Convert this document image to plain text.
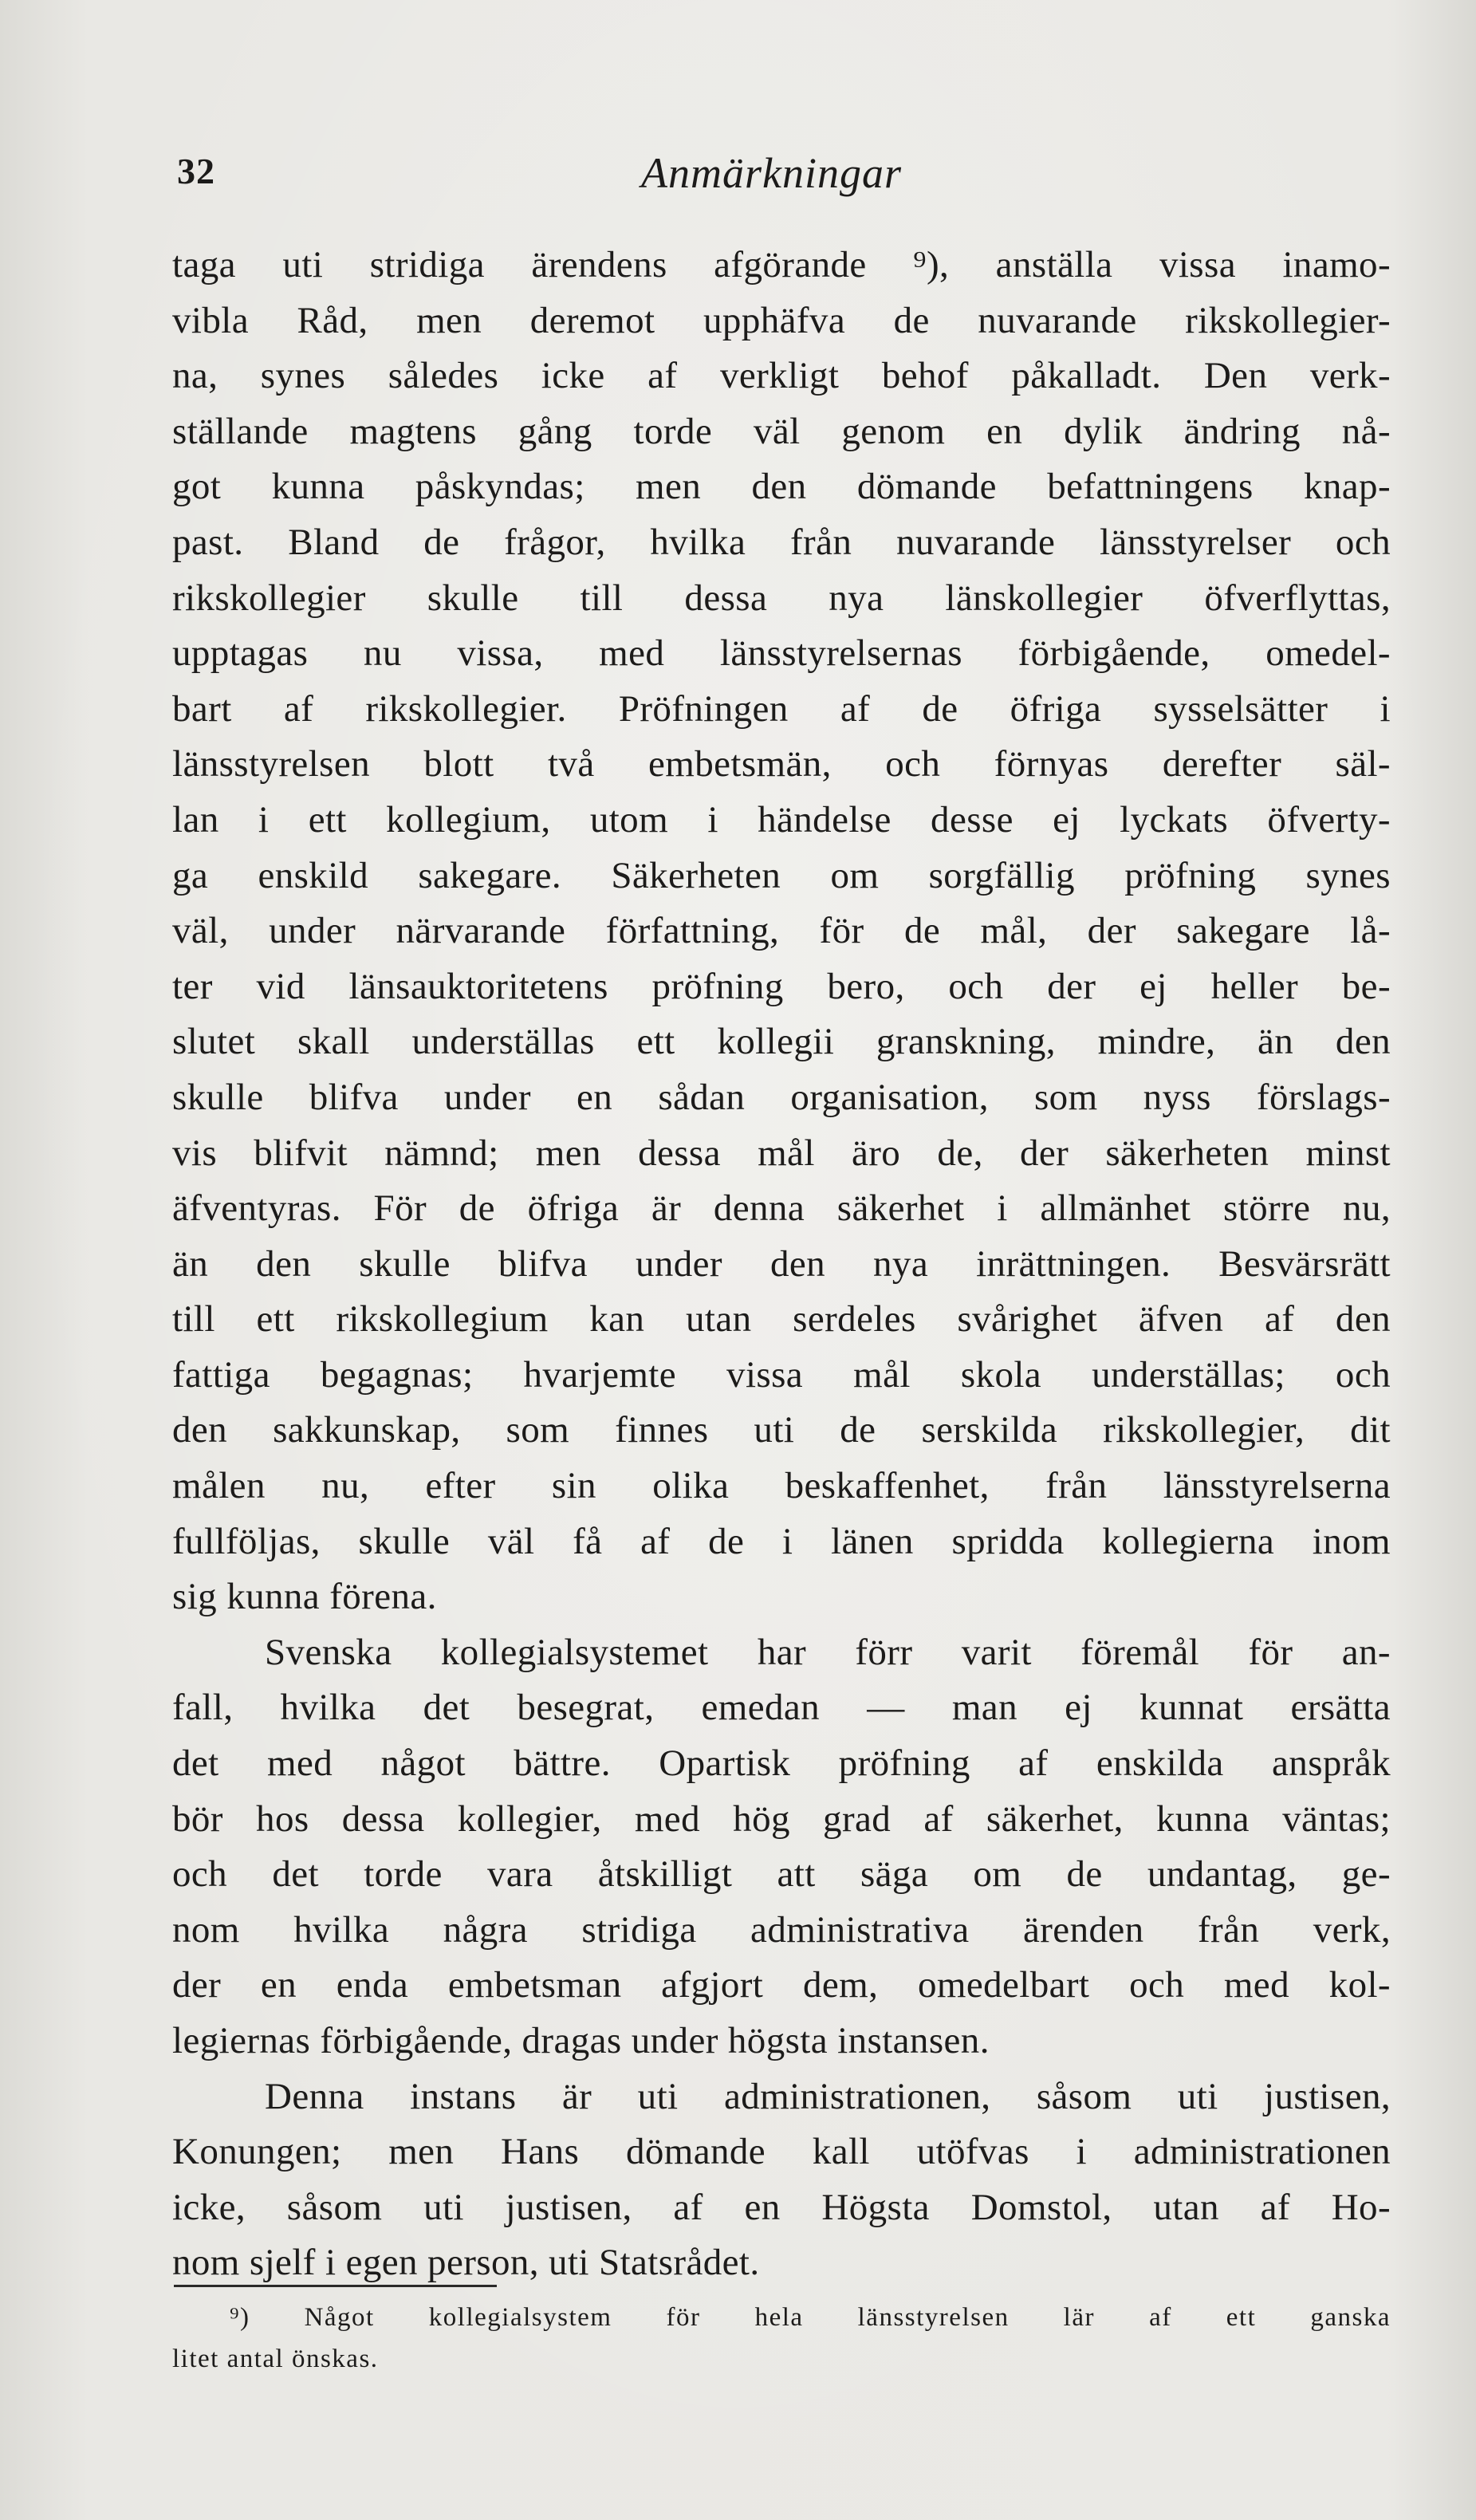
32	Anmärkningar
taga uti stridiga ärendens afgörande ⁹), anställa vissa inamo-
vibla Råd, men deremot upphäfva de nuvarande rikskollegier-
na, synes således icke af verkligt behof påkalladt. Den verk-
ställande magtens gång torde väl genom en dylik ändring nå-
got kunna påskyndas; men den dömande befattningens knap-
past. Bland de frågor, hvilka från nuvarande länsstyrelser och
rikskollegier skulle till dessa nya länskollegier öfverflyttas,
upptagas nu vissa, med länsstyrelsernas förbigående, omedel-
bart af rikskollegier. Pröfningen af de öfriga sysselsätter i
länsstyrelsen blott två embetsmän, och förnyas derefter säl-
lan i ett kollegium, utom i händelse desse ej lyckats öfverty-
ga enskild sakegare. Säkerheten om sorgfällig pröfning synes
väl, under närvarande författning, för de mål, der sakegare lå-
ter vid länsauktoritetens pröfning bero, och der ej heller be-
slutet skall underställas ett kollegii granskning, mindre, än den
skulle blifva under en sådan organisation, som nyss förslags-
vis blifvit nämnd; men dessa mål äro de, der säkerheten minst
äfventyras. För de öfriga är denna säkerhet i allmänhet större nu,
än den skulle blifva under den nya inrättningen. Besvärsrätt
till ett rikskollegium kan utan serdeles svårighet äfven af den
fattiga begagnas; hvarjemte vissa mål skola underställas; och
den sakkunskap, som finnes uti de serskilda rikskollegier, dit
målen nu, efter sin olika beskaffenhet, från länsstyrelserna
fullföljas, skulle väl få af de i länen spridda kollegierna inom
sig kunna förena.
Svenska kollegialsystemet har förr varit föremål för an-
fall, hvilka det besegrat, emedan — man ej kunnat ersätta
det med något bättre. Opartisk pröfning af enskilda anspråk
bör hos dessa kollegier, med hög grad af säkerhet, kunna väntas;
och det torde vara åtskilligt att säga om de undantag, ge-
nom hvilka några stridiga administrativa ärenden från verk,
der en enda embetsman afgjort dem, omedelbart och med kol-
legiernas förbigående, dragas under högsta instansen.
Denna instans är uti administrationen, såsom uti justisen,
Konungen; men Hans dömande kall utöfvas i administrationen
icke, såsom uti justisen, af en Högsta Domstol, utan af Ho-
nom sjelf i egen person, uti Statsrådet.
⁹) Något kollegialsystem för hela länsstyrelsen lär af ett ganska
litet antal önskas.
